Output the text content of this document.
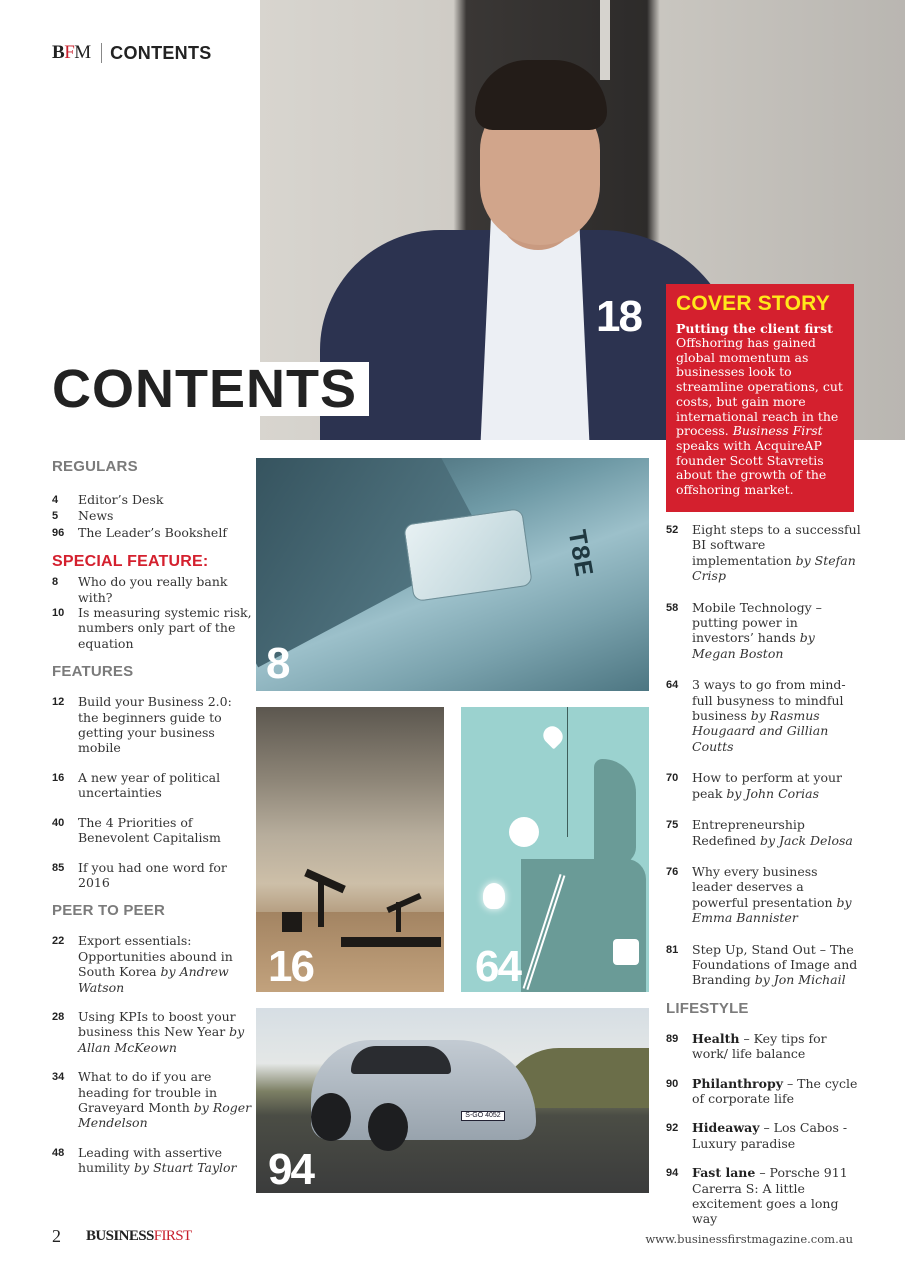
BFM CONTENTS
18
CONTENTS
COVER STORY
Putting the client first
Offshoring has gained global momentum as businesses look to streamline operations, cut costs, but gain more international reach in the process. Business First speaks with AcquireAP founder Scott Stavretis about the growth of the offshoring market.
REGULARS
4	Editor’s Desk
5	News
96	The Leader’s Bookshelf
SPECIAL FEATURE:
8	Who do you really bank with?
10	Is measuring systemic risk, numbers only part of the equation
FEATURES
12	Build your Business 2.0: the beginners guide to getting your business mobile
16	A new year of political uncertainties
40	The 4 Priorities of Benevolent Capitalism
85	If you had one word for 2016
PEER TO PEER
22	Export essentials: Opportunities abound in South Korea by Andrew Watson
28	Using KPIs to boost your business this New Year by Allan McKeown
34	What to do if you are heading for trouble in Graveyard Month by Roger Mendelson
48	Leading with assertive humility by Stuart Taylor
T8E
8
16	64
S-GO 4052
94
52	Eight steps to a successful BI software implementation by Stefan Crisp
58	Mobile Technology – putting power in investors’ hands by Megan Boston
64	3 ways to go from mind-full busyness to mindful business by Rasmus Hougaard and Gillian Coutts
70	How to perform at your peak by John Corias
75	Entrepreneurship Redefined by Jack Delosa
76	Why every business leader deserves a powerful presentation by Emma Bannister
81	Step Up, Stand Out – The Foundations of Image and Branding by Jon Michail
LIFESTYLE
89	Health – Key tips for work/ life balance
90	Philanthropy – The cycle of corporate life
92	Hideaway – Los Cabos - Luxury paradise
94	Fast lane – Porsche 911 Carerra S: A little excitement goes a long way
2 BUSINESSFIRST	www.businessfirstmagazine.com.au
